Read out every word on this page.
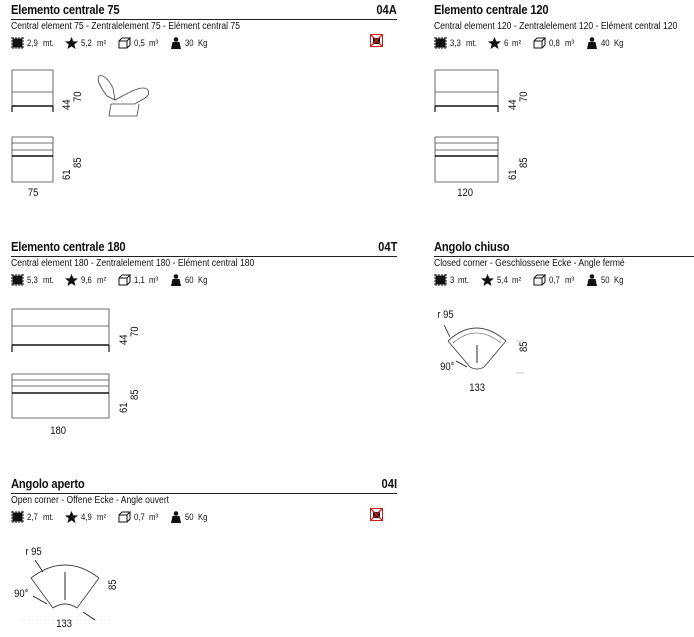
Elemento centrale 75	04A
Central element 75 - Zentralelement 75 - Elément central 75
2,9 mt.
	5,2 m²
	0,5 m³
	30 Kg
44
70
61
85
75
Elemento centrale 120
Central element 120 - Zentralelement 120 - Elément central 120
3,3 mt.
	6 m²
	0,8 m³
	40 Kg
44
70
61
85
120
Elemento centrale 180	04T
Central element 180 - Zentralelement 180 - Elément central 180
5,3 mt.
	9,6 m²
	1,1 m³
	60 Kg
44
70
61
85
180
Angolo chiuso
Closed corner - Geschlossene Ecke - Angle fermé
3 mt.
	5,4 m²
	0,7 m³
	50 Kg
r 95
90°
85
133
Angolo aperto	04I
Open corner - Offene Ecke - Angle ouvert
2,7 mt.
	4,9 m²
	0,7 m³
	50 Kg
r 95
90°
85
133
